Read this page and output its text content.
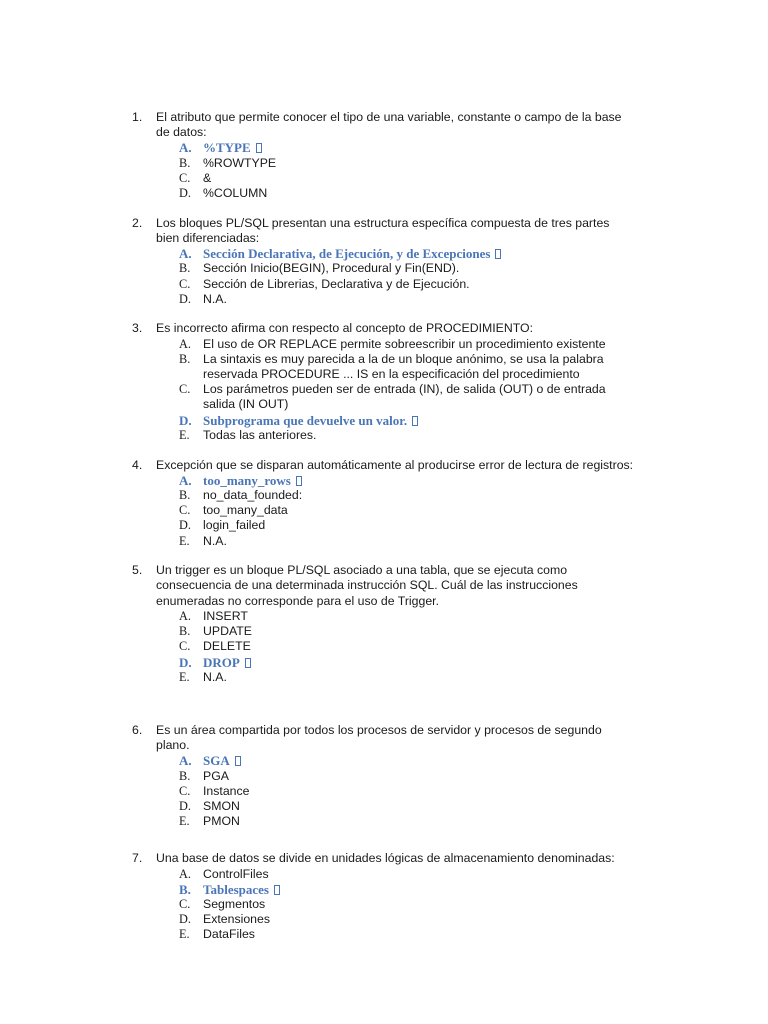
1. El atributo que permite conocer el tipo de una variable, constante o campo de la base
de datos:
A. %TYPE
B. %ROWTYPE
C. &
D. %COLUMN
2. Los bloques PL/SQL presentan una estructura específica compuesta de tres partes
bien diferenciadas:
A. Sección Declarativa, de Ejecución, y de Excepciones
B. Sección Inicio(BEGIN), Procedural y Fin(END).
C. Sección de Librerias, Declarativa y de Ejecución.
D. N.A.
3. Es incorrecto afirma con respecto al concepto de PROCEDIMIENTO:
A. El uso de OR REPLACE permite sobreescribir un procedimiento existente
B. La sintaxis es muy parecida a la de un bloque anónimo, se usa la palabra
reservada PROCEDURE ... IS en la especificación del procedimiento
C. Los parámetros pueden ser de entrada (IN), de salida (OUT) o de entrada
salida (IN OUT)
D. Subprograma que devuelve un valor.
E. Todas las anteriores.
4. Excepción que se disparan automáticamente al producirse error de lectura de registros:
A. too_many_rows
B. no_data_founded:
C. too_many_data
D. login_failed
E. N.A.
5. Un trigger es un bloque PL/SQL asociado a una tabla, que se ejecuta como
consecuencia de una determinada instrucción SQL. Cuál de las instrucciones
enumeradas no corresponde para el uso de Trigger.
A. INSERT
B. UPDATE
C. DELETE
D. DROP
E. N.A.
6. Es un área compartida por todos los procesos de servidor y procesos de segundo
plano.
A. SGA
B. PGA
C. Instance
D. SMON
E. PMON
7. Una base de datos se divide en unidades lógicas de almacenamiento denominadas:
A. ControlFiles
B. Tablespaces
C. Segmentos
D. Extensiones
E. DataFiles
